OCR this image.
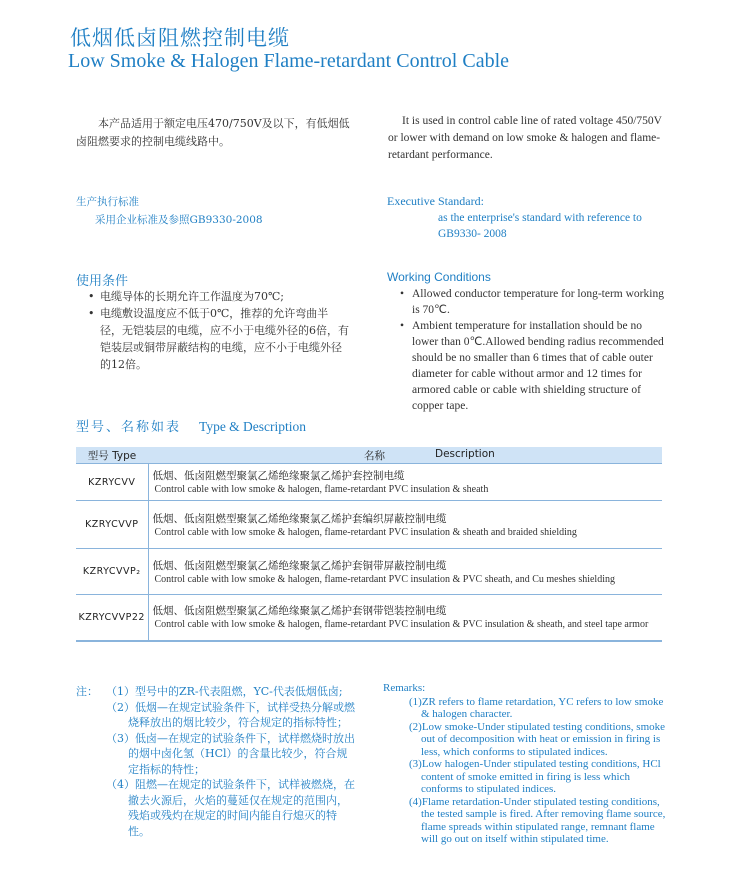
低烟低卤阻燃控制电缆
Low Smoke & Halogen Flame-retardant Control Cable
本产品适用于额定电压470/750V及以下，有低烟低卤阻燃要求的控制电缆线路中。
It is used in control cable line of rated voltage 450/750V or lower with demand on low smoke & halogen and flame-retardant performance.
生产执行标准
采用企业标准及参照GB9330-2008
Executive Standard:
as the enterprise's standard with reference to GB9330- 2008
使用条件	Working Conditions
• 电缆导体的长期允许工作温度为70℃;
• 电缆敷设温度应不低于0℃，推荐的允许弯曲半径，无铠装层的电缆，应不小于电缆外径的6倍，有铠装层或铜带屏蔽结构的电缆，应不小于电缆外径的12倍。
• Allowed conductor temperature for long-term working is 70℃.
• Ambient temperature for installation should be no lower than 0℃.Allowed bending radius recommended should be no smaller than 6 times that of cable outer diameter for cable without armor and 12 times for armored cable or cable with shielding structure of copper tape.
型号、名称如表 Type & Description
型号 Type	名称 Description

KZRYCVV	低烟、低卤阻燃型聚氯乙烯绝缘聚氯乙烯护套控制电缆
Control cable with low smoke & halogen, flame-retardant PVC insulation & sheath

KZRYCVVP	低烟、低卤阻燃型聚氯乙烯绝缘聚氯乙烯护套编织屏蔽控制电缆
Control cable with low smoke & halogen, flame-retardant PVC insulation & sheath and braided shielding

KZRYCVVP₂	低烟、低卤阻燃型聚氯乙烯绝缘聚氯乙烯护套铜带屏蔽控制电缆
Control cable with low smoke & halogen, flame-retardant PVC insulation & PVC sheath, and Cu meshes shielding

KZRYCVVP22	低烟、低卤阻燃型聚氯乙烯绝缘聚氯乙烯护套钢带铠装控制电缆
Control cable with low smoke & halogen, flame-retardant PVC insulation & PVC insulation & sheath, and steel tape armor
注： （1）型号中的ZR-代表阻燃，YC-代表低烟低卤;
（2）低烟—在规定试验条件下，试样受热分解或燃烧释放出的烟比较少，符合规定的指标特性；
（3）低卤—在规定的试验条件下，试样燃烧时放出的烟中卤化氢（HCl）的含量比较少，符合规定指标的特性；
（4）阻燃—在规定的试验条件下，试样被燃烧，在撤去火源后，火焰的蔓延仅在规定的范围内，残焰或残灼在规定的时间内能自行熄灭的特性。
Remarks:
(1)ZR refers to flame retardation, YC refers to low smoke & halogen character.
(2)Low smoke-Under stipulated testing conditions, smoke out of decomposition with heat or emission in firing is less, which conforms to stipulated indices.
(3)Low halogen-Under stipulated testing conditions, HCl content of smoke emitted in firing is less which conforms to stipulated indices.
(4)Flame retardation-Under stipulated testing conditions, the tested sample is fired. After removing flame source, flame spreads within stipulated range, remnant flame will go out on itself within stipulated time.
